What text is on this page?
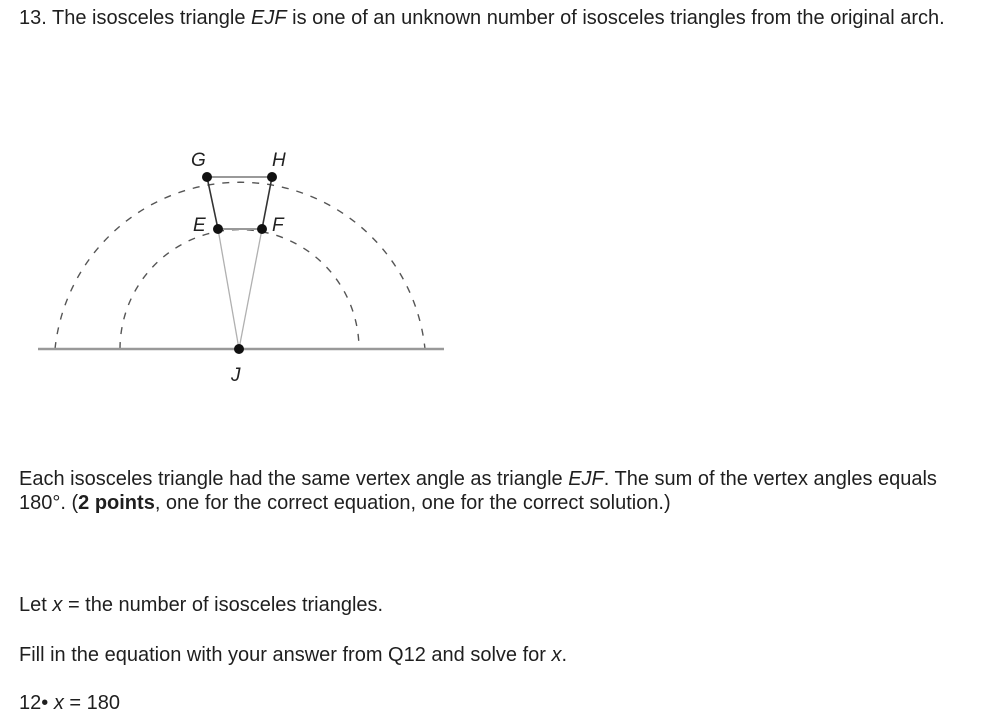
13. The isosceles triangle EJF is one of an unknown number of isosceles triangles from the original arch.

G	H
E	F
J

Each isosceles triangle had the same vertex angle as triangle EJF. The sum of the vertex angles equals 180°. (2 points, one for the correct equation, one for the correct solution.)

Let x = the number of isosceles triangles.

Fill in the equation with your answer from Q12 and solve for x.

12• x = 180
